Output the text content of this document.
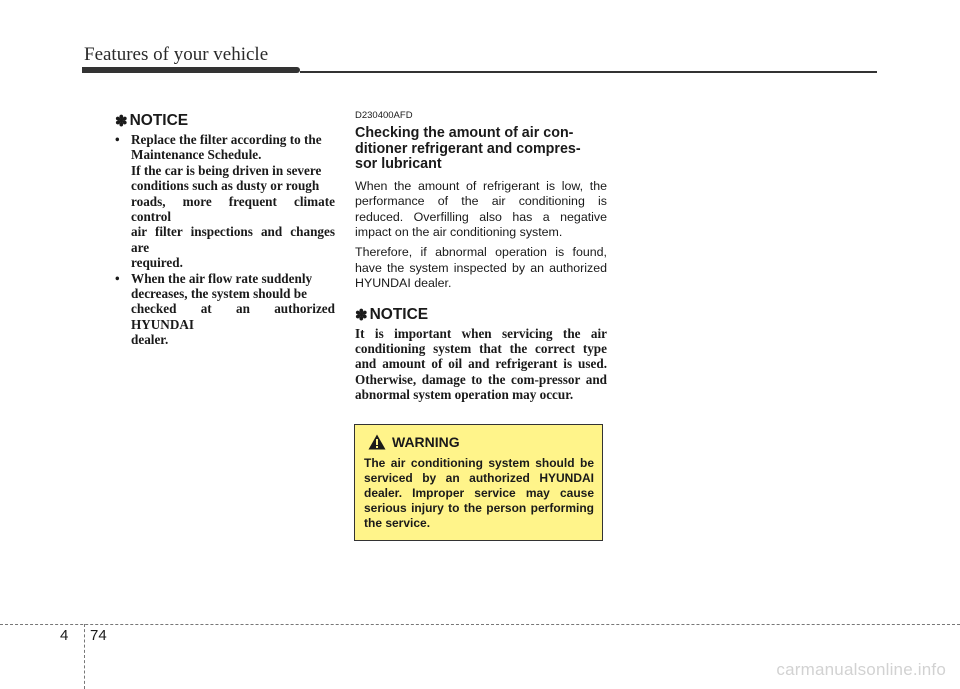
Features of your vehicle
✽ NOTICE
• Replace the filter according to the

Maintenance Schedule.

If the car is being driven in severe

conditions such as dusty or rough

roads, more frequent climate control

air filter inspections and changes are

required.

• When the air flow rate suddenly

decreases, the system should be

checked at an authorized HYUNDAI

dealer.

D230400AFD

Checking the amount of air con-
ditioner refrigerant and compres-
sor lubricant

When the amount of refrigerant is low, the performance of the air conditioning is reduced. Overfilling also has a negative impact on the air conditioning system.

Therefore, if abnormal operation is found, have the system inspected by an authorized HYUNDAI dealer.

✽ NOTICE

It is important when servicing the air conditioning system that the correct type and amount of oil and refrigerant is used. Otherwise, damage to the com-pressor and abnormal system operation may occur.

WARNING

The air conditioning system should be serviced by an authorized HYUNDAI dealer. Improper service may cause serious injury to the person performing the service.

4 74
carmanualsonline.info
